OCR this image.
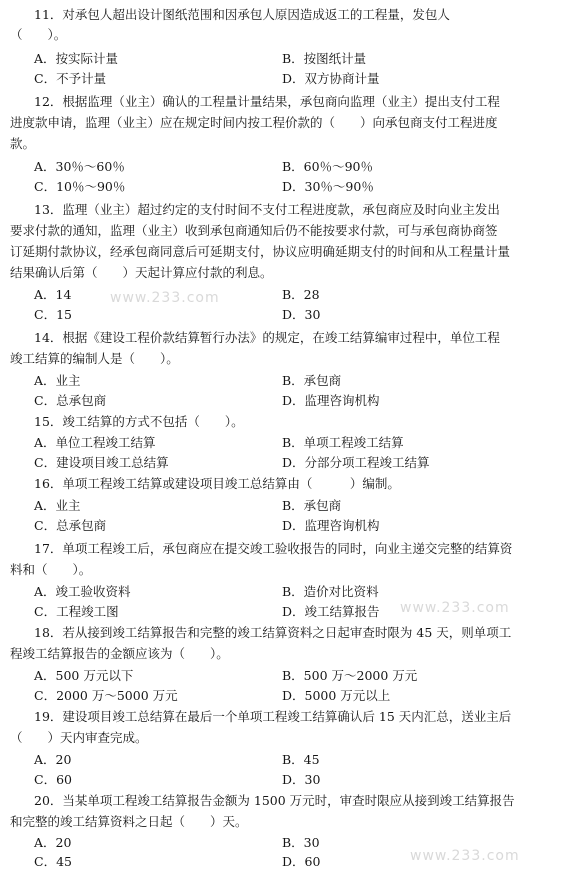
11．对承包人超出设计图纸范围和因承包人原因造成返工的工程量，发包人
（　　）。
A．按实际计量	B．按图纸计量
C．不予计量	D．双方协商计量
12．根据监理（业主）确认的工程量计量结果，承包商向监理（业主）提出支付工程
进度款申请，监理（业主）应在规定时间内按工程价款的（　　）向承包商支付工程进度
款。
A．30％～60％	B．60％～90％
C．10％～90％	D．30％～90％
13．监理（业主）超过约定的支付时间不支付工程进度款，承包商应及时向业主发出
要求付款的通知，监理（业主）收到承包商通知后仍不能按要求付款，可与承包商协商签
订延期付款协议，经承包商同意后可延期支付，协议应明确延期支付的时间和从工程量计量
结果确认后第（　　）天起计算应付款的利息。
A．14	B．28
C．15	D．30
14．根据《建设工程价款结算暂行办法》的规定，在竣工结算编审过程中，单位工程
竣工结算的编制人是（　　）。
A．业主	B．承包商
C．总承包商	D．监理咨询机构
15．竣工结算的方式不包括（　　）。
A．单位工程竣工结算	B．单项工程竣工结算
C．建设项目竣工总结算	D．分部分项工程竣工结算
16．单项工程竣工结算或建设项目竣工总结算由（　　　）编制。
A．业主	B．承包商
C．总承包商	D．监理咨询机构
17．单项工程竣工后，承包商应在提交竣工验收报告的同时，向业主递交完整的结算资
料和（　　）。
A．竣工验收资料	B．造价对比资料
C．工程竣工图	D．竣工结算报告
18．若从接到竣工结算报告和完整的竣工结算资料之日起审查时限为 45 天，则单项工
程竣工结算报告的金额应该为（　　）。
A．500 万元以下	B．500 万～2000 万元
C．2000 万～5000 万元	D．5000 万元以上
19．建设项目竣工总结算在最后一个单项工程竣工结算确认后 15 天内汇总，送业主后
（　　）天内审查完成。
A．20	B．45
C．60	D．30
20．当某单项工程竣工结算报告金额为 1500 万元时，审查时限应从接到竣工结算报告
和完整的竣工结算资料之日起（　　）天。
A．20	B．30
C．45	D．60
www.233.com
www.233.com
www.233.com
